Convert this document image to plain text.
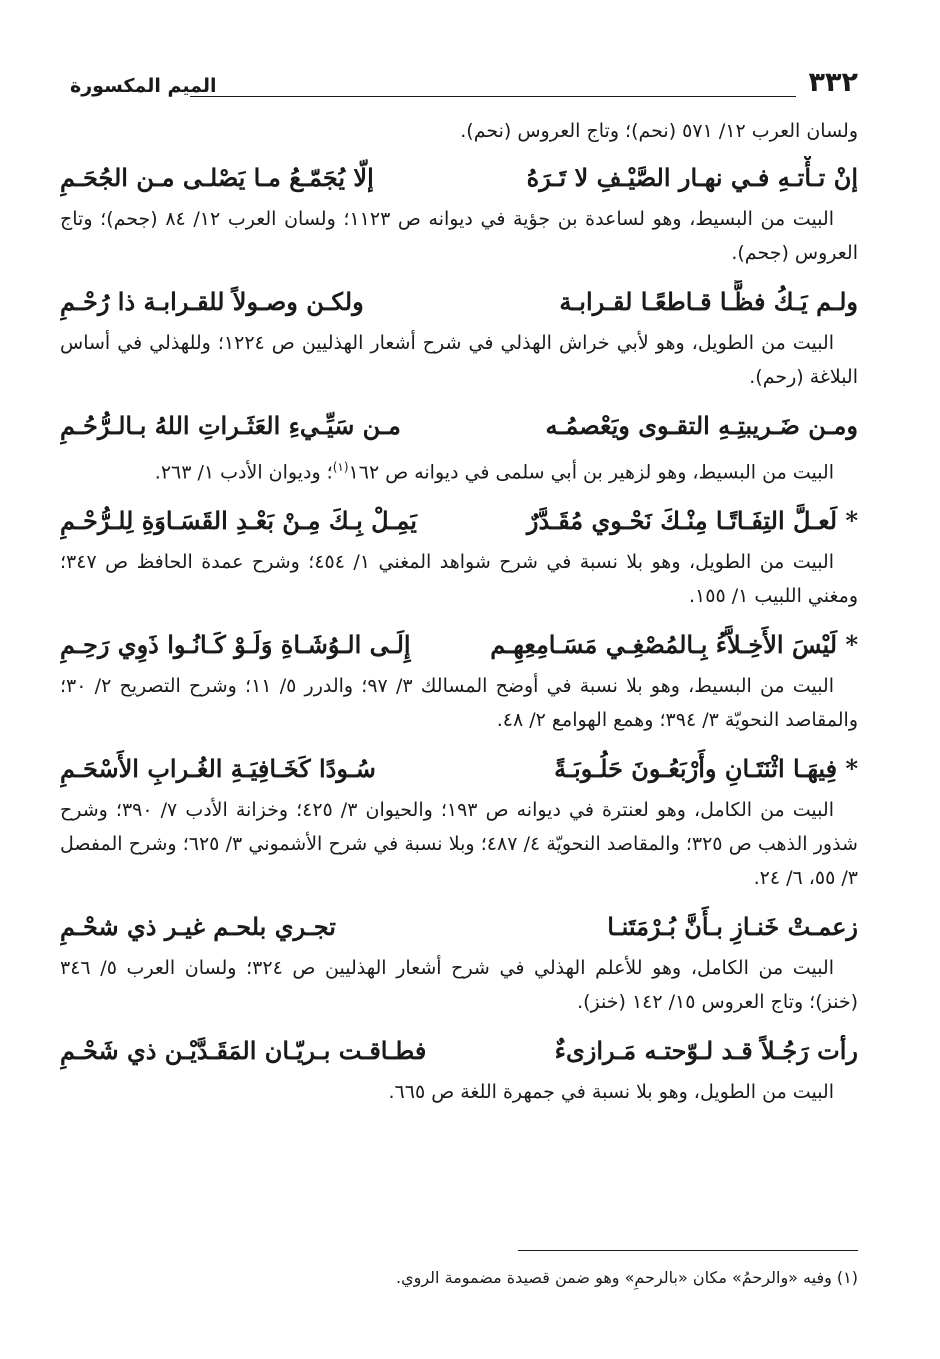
٣٣٢
الميم المكسورة

ولسان العرب ١٢/ ٥٧١ (نحم)؛ وتاج العروس (نحم).

إنْ تـأْتـهِ فـي نهـار الصَّيْـفِ لا تَـرَهُ
إلّا يُجَمّـعُ مـا يَصْلـى مـن الجُحَـمِ

البيت من البسيط، وهو لساعدة بن جؤية في ديوانه ص ١١٢٣؛ ولسان العرب ١٢/ ٨٤ (جحم)؛ وتاج العروس (جحم).

ولـم يَـكُ فظًّـا قـاطعًـا لقـرابـة
ولكـن وصـولاً للقـرابـة ذا رُحْـمِ

البيت من الطويل، وهو لأبي خراش الهذلي في شرح أشعار الهذليين ص ١٢٢٤؛ وللهذلي في أساس البلاغة (رحم).

ومـن ضَـريبتِـهِ التقـوى ويَعْصمُـه
مـن سَيِّـيءِ العَثَـراتِ اللهُ بـالـرُّحُـمِ

البيت من البسيط، وهو لزهير بن أبي سلمى في ديوانه ص ١٦٢$^{(١)}$؛ وديوان الأدب ١/ ٢٦٣.

* لَعـلَّ التِفَـاتًـا مِنْـكَ نَحْـوي مُقَـدَّرٌ
يَمِـلْ بِـكَ مِـنْ بَعْـدِ القَسَـاوَةِ لِلـرُّحْـمِ

البيت من الطويل، وهو بلا نسبة في شرح شواهد المغني ١/ ٤٥٤؛ وشرح عمدة الحافظ ص ٣٤٧؛ ومغني اللبيب ١/ ١٥٥.

* لَيْسَ الأَخِـلاَّءُ بِـالمُصْغِـي مَسَـامِعِهِـم
إِلَـى الـوُشَـاةِ وَلَـوْ كَـانُـوا ذَوِي رَحِـمِ

البيت من البسيط، وهو بلا نسبة في أوضح المسالك ٣/ ٩٧؛ والدرر ٥/ ١١؛ وشرح التصريح ٢/ ٣٠؛ والمقاصد النحويّة ٣/ ٣٩٤؛ وهمع الهوامع ٢/ ٤٨.

* فِيهَـا اثْنَتَـانِ وأَرْبَعُـونَ حَلُـوبَـةً
سُـودًا كَخَـافِيَـةِ الغُـرابِ الأَسْحَـمِ

البيت من الكامل، وهو لعنترة في ديوانه ص ١٩٣؛ والحيوان ٣/ ٤٢٥؛ وخزانة الأدب ٧/ ٣٩٠؛ وشرح شذور الذهب ص ٣٢٥؛ والمقاصد النحويّة ٤/ ٤٨٧؛ وبلا نسبة في شرح الأشموني ٣/ ٦٢٥؛ وشرح المفصل ٣/ ٥٥، ٦/ ٢٤.

زعمـتْ خَنـازِ بـأَنَّ بُـرْمَتَنـا
تجـري بلحـم غيـر ذي شحْـمِ

البيت من الكامل، وهو للأعلم الهذلي في شرح أشعار الهذليين ص ٣٢٤؛ ولسان العرب ٥/ ٣٤٦ (خنز)؛ وتاج العروس ١٥/ ١٤٢ (خنز).

رأت رَجُـلاً قـد لـوّحتـه مَـرازىءٌ
فطـاقـت بـريّـان المَقَـدَّيْـن ذي شَحْـمِ

البيت من الطويل، وهو بلا نسبة في جمهرة اللغة ص ٦٦٥.

(١) وفيه «والرحمُ» مكان «بالرحمِ» وهو ضمن قصيدة مضمومة الروي.
